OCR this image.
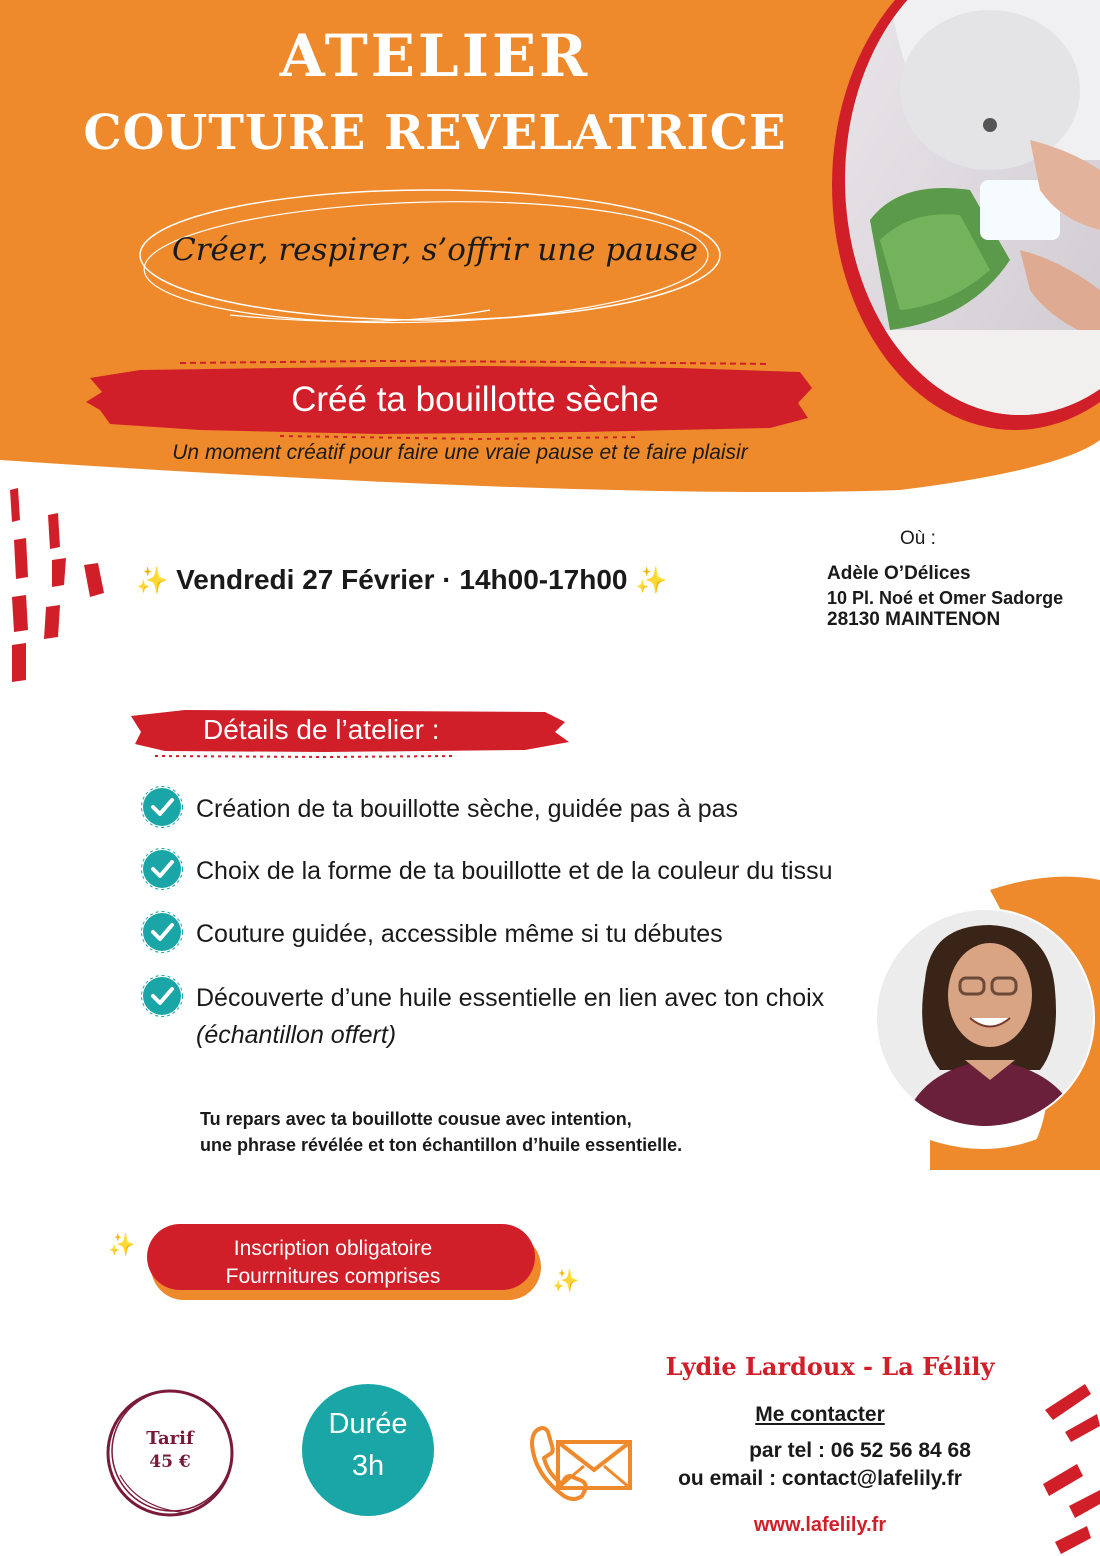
ATELIER
COUTURE REVELATRICE
Créer, respirer, s’offrir une pause
Créé ta bouillotte sèche
Un moment créatif pour faire une vraie pause et te faire plaisir
✨ Vendredi 27 Février · 14h00-17h00 ✨
Où :
Adèle O’Délices
10 Pl. Noé et Omer Sadorge
28130 MAINTENON
Détails de l’atelier :
Création de ta bouillotte sèche, guidée pas à pas
Choix de la forme de ta bouillotte et de la couleur du tissu
Couture guidée, accessible même si tu débutes
Découverte d’une huile essentielle en lien avec ton choix
(échantillon offert)
Tu repars avec ta bouillotte cousue avec intention,
une phrase révélée et ton échantillon d’huile essentielle.
✨
✨
Inscription obligatoire
Fourrnitures comprises
Tarif
45 €
Durée
3h
Lydie Lardoux - La Félily
Me contacter
par tel : 06 52 56 84 68
ou email : contact@lafelily.fr
www.lafelily.fr
